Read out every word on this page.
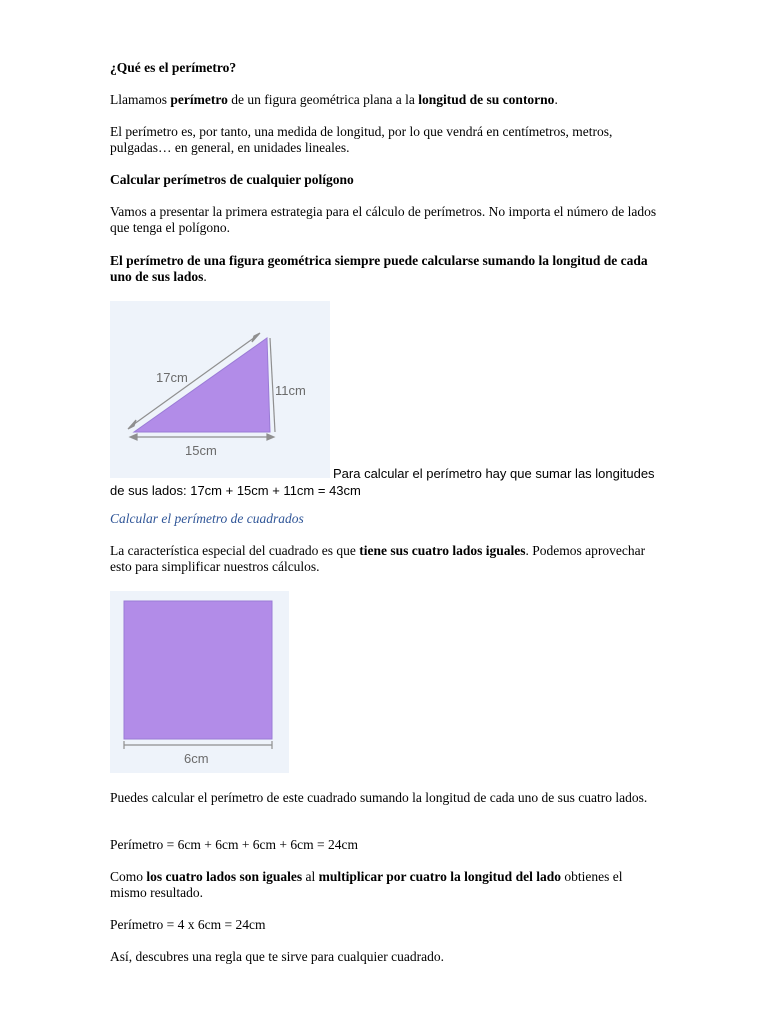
¿Qué es el perímetro?

Llamamos perímetro de un figura geométrica plana a la longitud de su contorno.

El perímetro es, por tanto, una medida de longitud, por lo que vendrá en centímetros, metros, pulgadas… en general, en unidades lineales.

Calcular perímetros de cualquier polígono

Vamos a presentar la primera estrategia para el cálculo de perímetros. No importa el número de lados que tenga el polígono.

El perímetro de una figura geométrica siempre puede calcularse sumando la longitud de cada uno de sus lados.

17cm
11cm
15cm

Para calcular el perímetro hay que sumar las longitudes

de sus lados: 17cm + 15cm + 11cm = 43cm

Calcular el perímetro de cuadrados

La característica especial del cuadrado es que tiene sus cuatro lados iguales. Podemos aprovechar esto para simplificar nuestros cálculos.

6cm

Puedes calcular el perímetro de este cuadrado sumando la longitud de cada uno de sus cuatro lados.

Perímetro = 6cm + 6cm + 6cm + 6cm = 24cm

Como los cuatro lados son iguales al multiplicar por cuatro la longitud del lado obtienes el mismo resultado.

Perímetro = 4 x 6cm = 24cm

Así, descubres una regla que te sirve para cualquier cuadrado.
